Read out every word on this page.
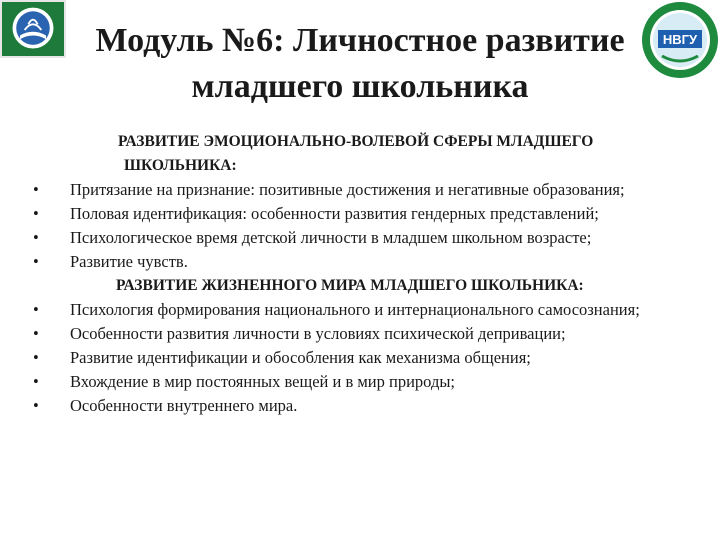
НВГУ
Модуль №6: Личностное развитие
младшего школьника

РАЗВИТИЕ ЭМОЦИОНАЛЬНО-ВОЛЕВОЙ СФЕРЫ МЛАДШЕГО
ШКОЛЬНИКА:

• Притязание на признание: позитивные достижения и негативные образования;
• Половая идентификация: особенности развития гендерных представлений;
• Психологическое время детской личности в младшем школьном возрасте;
• Развитие чувств.

РАЗВИТИЕ ЖИЗНЕННОГО МИРА МЛАДШЕГО ШКОЛЬНИКА:

• Психология формирования национального и интернационального самосознания;
• Особенности развития личности в условиях психической депривации;
• Развитие идентификации и обособления как механизма общения;
• Вхождение в мир постоянных вещей и в мир природы;
• Особенности внутреннего мира.
